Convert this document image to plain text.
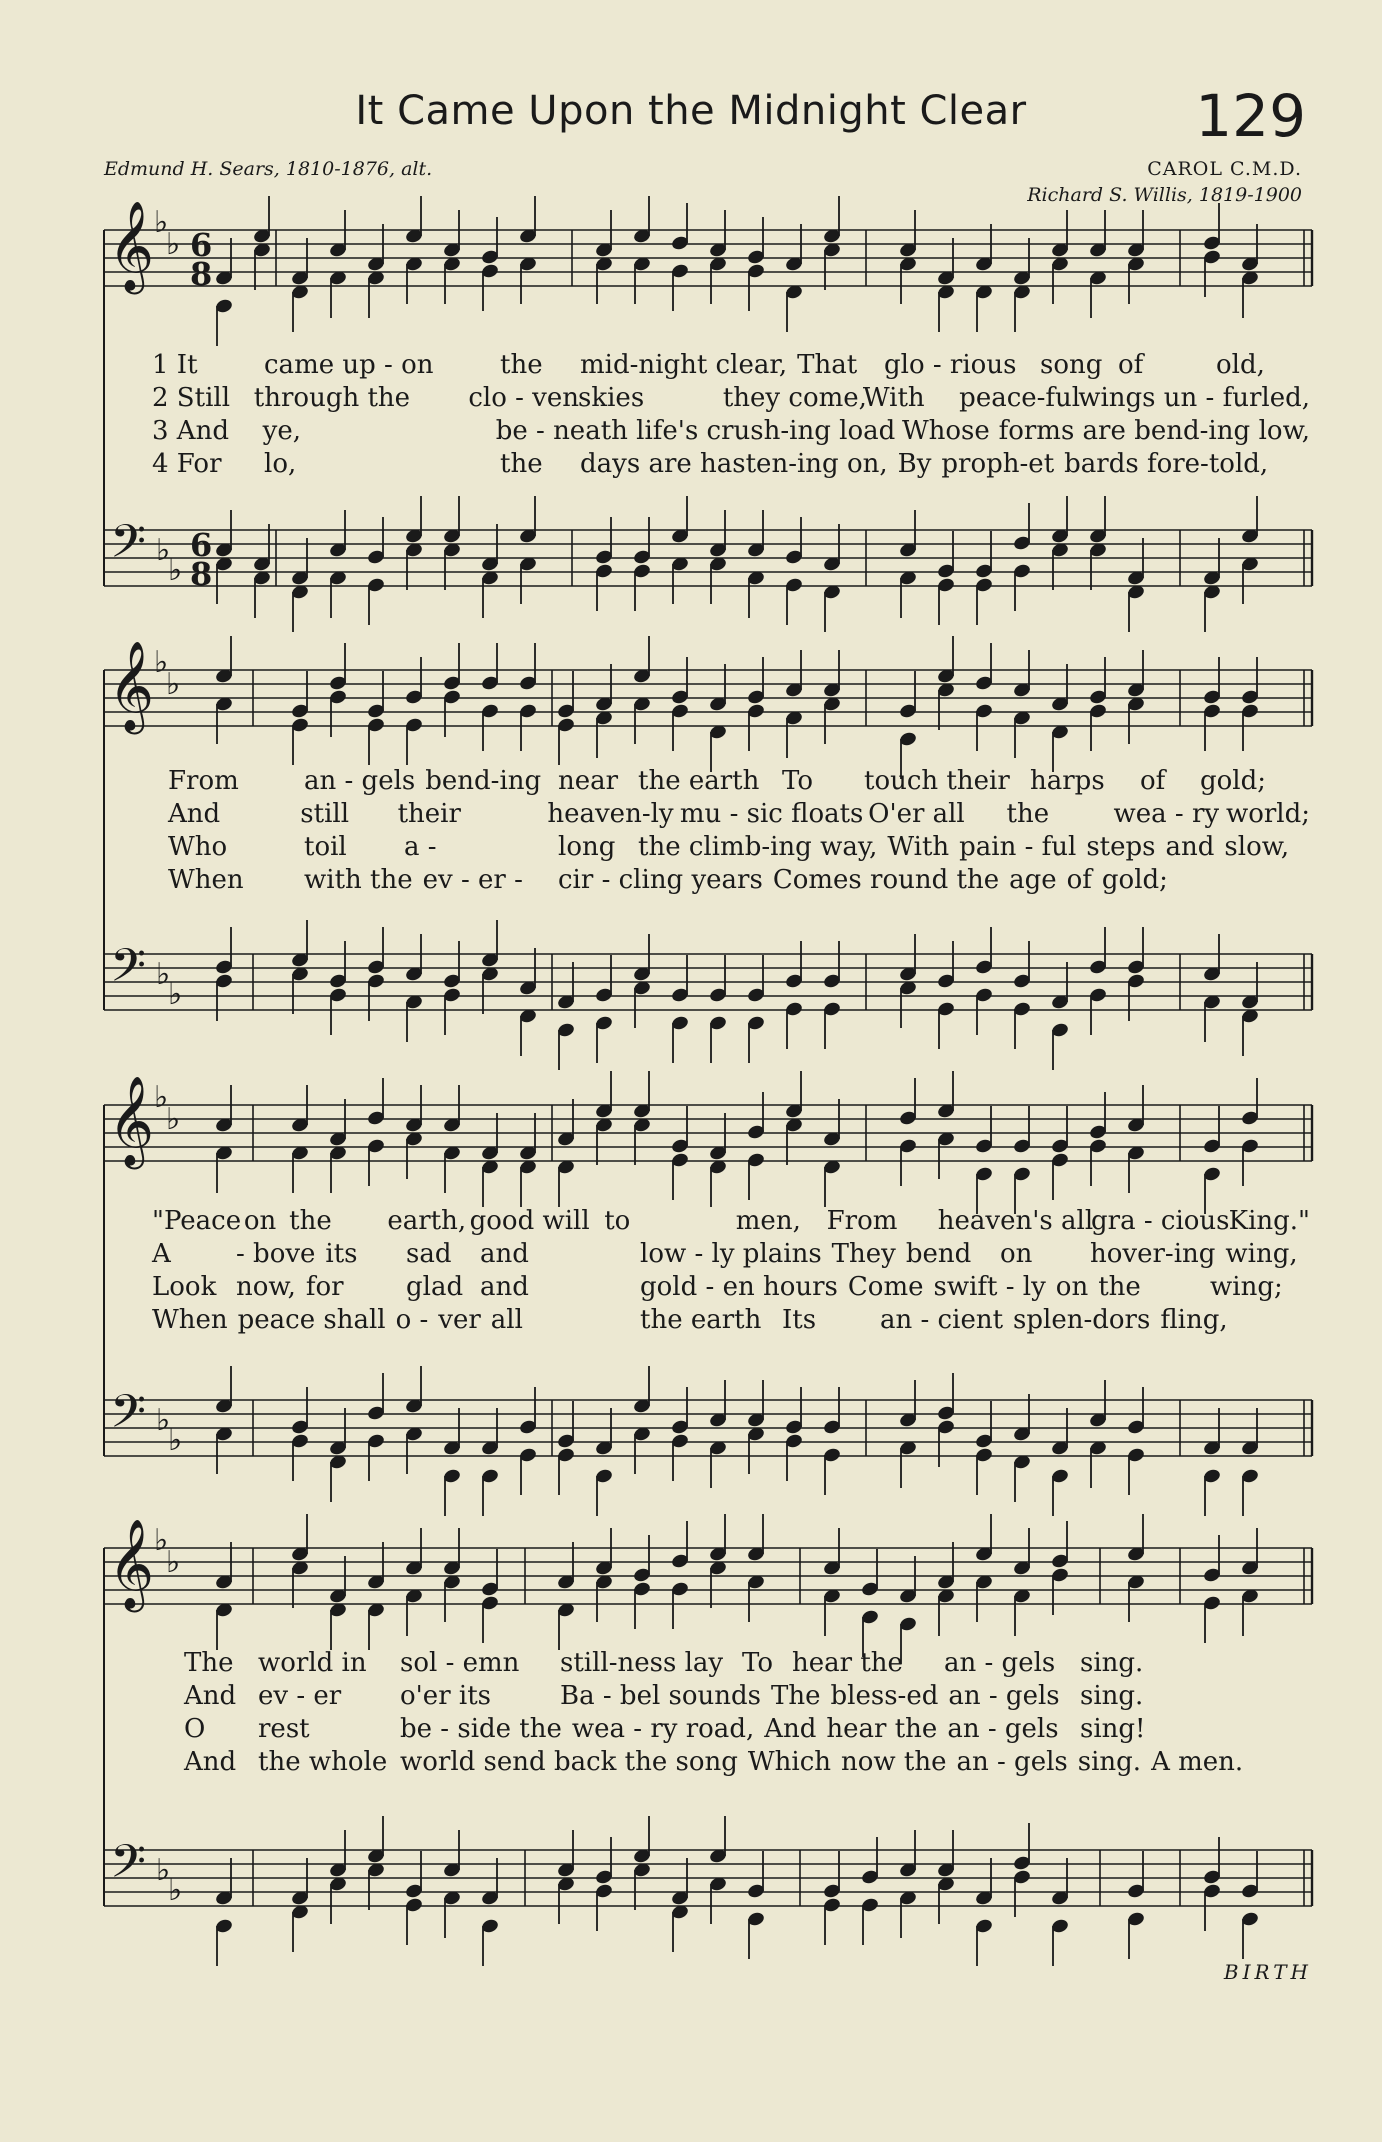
It Came Upon the Midnight Clear	129
Edmund H. Sears, 1810-1876, alt.	CAROL C.M.D.
Richard S. Willis, 1819-1900
𝄞 ♭
♭
𝄢 ♭
♭
6
8
6
8
𝄞 ♭
♭
𝄢 ♭
♭
𝄞 ♭
♭
𝄢 ♭
♭
𝄞 ♭
♭
𝄢 ♭
♭
1 It	came up - on	the mid-night clear, That glo - rious song of	old,
2 Still through the clo - ven skies	they come,
With peace-ful
wings un - furled,
3 And ye,	be - neath life's crush-ing load Whose forms are bend-ing low,
4 For lo,	the days are hasten-ing on, By proph-et bards fore-told,
From	an - gels bend-ing near the earth To touch their harps of gold;
And	still their	heaven-ly mu - sic floats O'er all the wea - ry world;
Who	toil a -	long the climb-ing way, With pain - ful steps and slow,
When with the ev - er - cir - cling years Comes round the age of gold;
"Peace on the earth, good will to	men, From heaven's all
gra - cious King."
A	- bove its sad and	low - ly plains They bend on hover-ing wing,
Look now, for glad and	gold - en hours Come swift - ly on the	wing;
When peace shall o - ver all	the earth Its an - cient splen-dors fling,
The world in sol - emn still-ness lay To hear the an - gels sing.
And ev - er o'er its	Ba - bel sounds The bless-ed an - gels sing.
O rest	be - side the wea - ry road, And hear the an - gels sing!
And the whole world send back the song Which now the an - gels sing. A men.
BIRTH
